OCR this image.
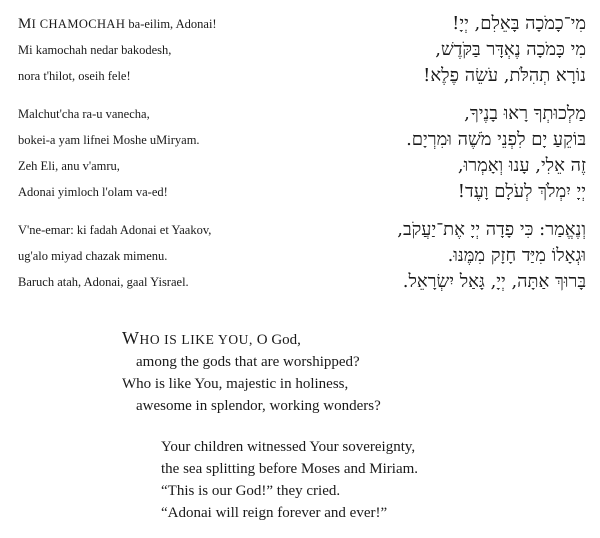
MI CHAMOCHAH ba-eilim, Adonai!	מִי־כָמֹכָה בָּאֵלִם, יְיָ!
Mi kamochah nedar bakodesh,	מִי כָּמֹכָה נֶאְדָּר בַּקֹּדֶשׁ,
nora t'hilot, oseih fele!	נוֹרָא תְהִלֹּת, עֹשֵׂה פֶלֶא!
Malchut'cha ra-u vanecha,	מַלְכוּתְךָ רָאוּ בָנֶיךָ,
bokei-a yam lifnei Moshe uMiryam.	בּוֹקֵעַ יָם לִפְנֵי מֹשֶׁה וּמִרְיָם.
Zeh Eli, anu v'amru,	זֶה אֵלִי, עָנוּ וְאָמְרוּ,
Adonai yimloch l'olam va-ed!	יְיָ יִמְלֹךְ לְעֹלָם וָעֶד!
V'ne-emar: ki fadah Adonai et Yaakov,	וְנֶאֱמַר: כִּי פָדָה יְיָ אֶת־יַעֲקֹב,
ug'alo miyad chazak mimenu.	וּגְאָלוֹ מִיַּד חָזָק מִמֶּנּוּ.
Baruch atah, Adonai, gaal Yisrael.	בָּרוּךְ אַתָּה, יְיָ, גָּאַל יִשְׂרָאֵל.
WHO IS LIKE YOU, O God,
among the gods that are worshipped?
Who is like You, majestic in holiness,
awesome in splendor, working wonders?
Your children witnessed Your sovereignty,
the sea splitting before Moses and Miriam.
“This is our God!” they cried.
“Adonai will reign forever and ever!”
